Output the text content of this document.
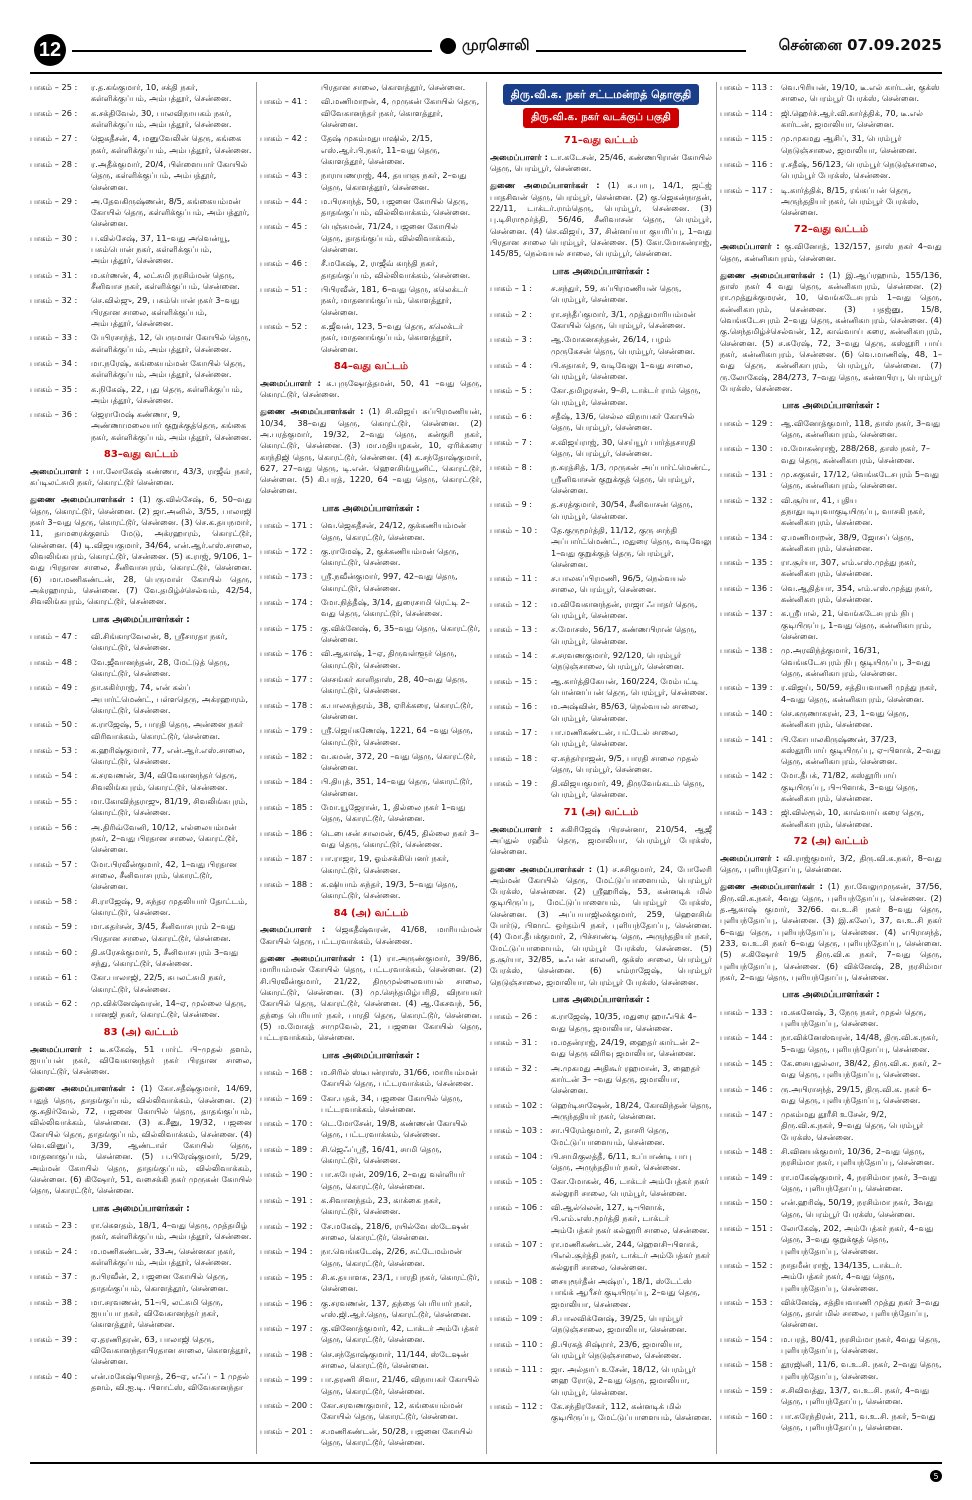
12	முரசொலி	சென்னை 07.09.2025
பாகம் – 25 :	ர.த.கங்குமார், 10, சக்தி நகர், கள்ளிக்குப்பம், அம்பத்தூர், சென்னை.
பாகம் – 26 :	க.சக்திவேல், 30, பாலவிநாயகம் நகர், கள்ளிக்குப்பம், அம்பத்தூர், சென்னை.
பாகம் – 27 :	ஜெகதீசன், 4, மனுவேலின் தெரு, கங்கை நகர், கள்ளிக்குப்பம், அம்பத்தூர், சென்னை.
பாகம் – 28 :	ர.அதீக்குமார், 20/4, பிள்ளையார் கோயில் தெரு, கள்ளிக்குப்பம், அம்பத்தூர், சென்னை.
பாகம் – 29 :	அ.தேவகிருஷ்ணன், 8/5, கங்கையம்மன் கோயில் தெரு, கள்ளிக்குப்பம், அம்பத்தூர், சென்னை.
பாகம் – 30 :	ப.வில்சேஷ், 37, 11–வது அவென்யூ, பசும்பொன் நகர், கள்ளிக்குப்பம், அம்பத்தூர், சென்னை.
பாகம் – 31 :	ம.கர்ணன், 4, லட்சுமி நரசிம்மன் தெரு, சீனிவாச நகர், கள்ளிக்குப்பம், சென்னை.
பாகம் – 32 :	செ.வில்ஜு, 29, பசும்பொன் நகர் 3–வது பிரதான சாலை, கள்ளிக்குப்பம், அம்பத்தூர், சென்னை.
பாகம் – 33 :	பேபிரசாந்த், 12, பெருமாள் கோயில் தெரு, கள்ளிக்குப்பம், அம்பத்தூர், சென்னை.
பாகம் – 34 :	மா.நரேஷ், கங்கையம்மன் கோயில் தெரு, கள்ளிக்குப்பம், அம்பத்தூர், சென்னை.
பாகம் – 35 :	க.நிகேஷ், 22, புது தெரு, கள்ளிக்குப்பம், அம்பத்தூர், சென்னை.
பாகம் – 36 :	ஜெராமேஷ் கண்ணா, 9, அண்ணாமலையார் குறுக்குத்தெரு, கங்கை நகர், கள்ளிக்குப்பம், அம்பத்தூர், சென்னை.
83–வது வட்டம்
அமைப்பாளர் : பா.லோகேஷ் கண்ணா, 43/3, ராஜீவ் நகர், கப்டிலட்சுமி நகர், கொரட்டூர் சென்னை.
துணை அமைப்பாளர்கள் : (1) கு.வில்சேஷ், 6, 50–வது தெரு, கொரட்டூர், சென்னை. (2) ஜா.அனில், 3/55, பாலாஜி நகர் 3–வது தெரு, கொரட்டூர், சென்னை. (3) செ.க.தயநமார், 11, தாமரைக்குளம் மேடு, அக்ரஹாரம், கொரட்டூர், சென்னை. (4) டி.விஜயகுமார், 34/64, என்.ஆர்.எஸ்.சாலை, லிவலிங்கபுரம், கொரட்டூர், சென்னை. (5) க.ராஜ், 9/106, 1–வது பிரதான சாலை, சீனிவாசபுரம், கொரட்டூர், சென்னை. (6) மா.மணிகண்டன், 28, பெருமாள் கோயில் தெரு, அக்ரஹாரம், சென்னை. (7) வே.தமிழ்ச்செல்வம், 42/54, சிவலிங்கபுரம், கொரட்டூர், சென்னை.
பாக அமைப்பாளர்கள் :
பாகம் – 47 :	வி.சிங்காரவேலன், 8, ஸ்ரீசாரதா நகர், கொரட்டூர், சென்னை.
பாகம் – 48 :	வே.ஜீவானந்தன், 28, மேட்டுத் தெரு, கொரட்டூர், சென்னை.
பாகம் – 49 :	தா.சுகிர்ராஜ், 74, என் கல்ப் அபார்ட்மெண்ட், பள்ளதெரு, அக்ரஹாரம், கொரட்டூர், சென்னை.
பாகம் – 50 :	க.ராஜேஷ், 5, பாரதி தெரு, அன்னை நகர் விரிவாக்கம், கொரட்டூர், சென்னை.
பாகம் – 53 :	க.ஹரிஷ்குமார், 77, என்.ஆர்.எஸ்.சாலை, கொரட்டூர், சென்னை.
பாகம் – 54 :	க.சரவணன், 3/4, விவேகானந்தர் தெரு, சிவலிங்கபுரம், கொரட்டூர், சென்னை.
பாகம் – 55 :	மா.கோவிந்தராஜு, 81/19, சிவலிங்கபுரம், கொரட்டூர், சென்னை.
பாகம் – 56 :	அ.திரிவ்வேனி, 10/12, எல்லையம்மன் நகர், 2–வது பிரதான சாலை, கொரட்டூர், சென்னை.
பாகம் – 57 :	மோ.பிரவீன்குமார், 42, 1–வது பிரதான சாலை, சீனிவாசபுரம், கொரட்டூர், சென்னை.
பாகம் – 58 :	சி.ராஜேஷ், 9, சுந்தர முதலியார் தோட்டம், கொரட்டூர், சென்னை.
பாகம் – 59 :	மா.சுதர்சன், 3/45, சீனிவாசபுரம் 2–வது பிரதான சாலை, கொரட்டூர், சென்னை.
பாகம் – 60 :	தி.சுரேசக்குமார், 5, சீனிவாசபுரம் 3–வது சந்து, கொரட்டூர், சென்னை.
பாகம் – 61 :	கோ.பாலாஜி, 22/5, சுபலட்சுமி நகர், கொரட்டூர், சென்னை.
பாகம் – 62 :	மு.விக்னேஷ்வரன், 14–ஏ, முல்லை தெரு, பானஜி நகர், கொரட்டூர், சென்னை.
83 (அ) வட்டம்
அமைப்பாளர் : டீ.சுகேஷ், 51 பார்ட் பி–முதல் தளம், ஐயப்பன் நகர், விவேகானந்தர் நகர் பிரதான சாலை, கொரட்டூர், சென்னை.
துணை அமைப்பாளர்கள் : (1) கோ.சதீஷ்குமார், 14/69, பதுத் தெரு, தாதங்குப்பம், வில்லிவாக்கம், சென்னை. (2) கு.சுதிர்வேல், 72, பஜனை கோயில் தெரு, தாதங்குப்பம், வில்லிவாக்கம், சென்னை. (3) க.சீனு, 19/32, பஜனை கோயில் தெரு, தாதங்குப்பம், வில்லிவாக்கம், சென்னை. (4) வெ.வினுப், 3/39, ஆண்டாள் கோயில் தெரு, மாதனாகுப்பம், சென்னை. (5) ப.பிரேஷ்குமார், 5/29, அம்மன் கோயில் தெரு, தாதங்குப்பம், வில்லிவாக்கம், சென்னை. (6) கிஷோர், 51, வசைக்கி நகர் முருகன் கோயில் தெரு, கொரட்டூர், சென்னை.
பாக அமைப்பாளர்கள் :
பாகம் – 23 :	ரா.கெளதம், 18/1, 4–வது தெரு, முத்தமிழ் நகர், கள்ளிக்குப்பம், அம்பத்தூர், சென்னை.
பாகம் – 24 :	ம.மணிகண்டன், 33அ, சென்னகா நகர், கள்ளிக்குப்பம், அம்பத்தூர், சென்னை.
பாகம் – 37 :	ந.பிரவீன், 2, பஜனை கோயில் தெரு, தாதங்குப்பம், கொளத்தூர், சென்னை.
பாகம் – 38 :	மா.சரவணன், 51–பி, லட்சுமி தெரு, ஐயப்பா நகர், விவேகானந்தர் நகர், கொளத்தூர், சென்னை.
பாகம் – 39 :	ஏ.தரணிதரன், 63, பாலாஜி தெரு, விவேகானந்தாபிரதான சாலை, கொளத்தூர், சென்னை.
பாகம் – 40 :	என்.மகேஷ்பிரசாத், 26–ஏ, எஃப் – 1 முதல் தளம், வி.ஐ.டி. பிளாட்ஸ், விவேகானந்தா
பிரதான சாலை, கொளத்தூர், சென்னை.
பாகம் – 41 :	வி.மணிமாறன், 4, முருகன் கோயில் தெரு, விவேகானந்தர் நகர், கொளத்தூர், சென்னை.
பாகம் – 42 :	தேஷ் முகம்மதுபாஷில், 2/15, எஸ்.ஆர்.பி.நகர், 11–வது தெரு, கொளத்தூர், சென்னை.
பாகம் – 43 :	நாராயணராஜ், 44, தயாளு நகர், 2–வது தெரு, கொளத்தூர், சென்னை.
பாகம் – 44 :	ம.பிரசாந்த், 50, பஜனை கோயில் தெரு, தாதங்குப்பம், வில்லிவாக்கம், சென்னை.
பாகம் – 45 :	பெஞ்சுமன், 71/24, பஜனை கோயில் தெரு, தாதங்குப்பம், வில்லிவாக்கம், சென்னை.
பாகம் – 46 :	சீ.மகேஷ், 2, ராஜீவ் காந்தி நகர், தாதங்குப்பம், வில்லிவாக்கம், சென்னை.
பாகம் – 51 :	பிபிரவீன், 181, 6–வது தெரு, கலெக்டர் நகர், மாதனாங்குப்பம், கொளத்தூர், சென்னை.
பாகம் – 52 :	க.ஜீவன், 123, 5–வது தெரு, கலெக்டர் நகர், மாதனாங்குப்பம், கொளத்தூர், சென்னை.
84–வது வட்டம்
அமைப்பாளர் : க.புருஷோத்தமன், 50, 41 –வது தெரு, கொரட்டூர், சென்னை.
துணை அமைப்பாளர்கள் : (1) சி.விஜய் சுப்பிரமணியன், 10/34, 38–வது தெரு, கொரட்டூர், சென்னை. (2) அ.பரத்குமார், 19/32, 2–வது தெரு, கன்குரி நகர், கொரட்டூர், சென்னை. (3) மா.மதியழகன், 10, ஏரிக்கரை காந்திஜி தெரு, கொரட்டூர், சென்னை. (4) க.சந்தோஷ்குமார், 627, 27–வது தெரு, டி.என். ஹௌசிங்யூனிட், கொரட்டூர், சென்னை. (5) கி.பரத், 1220, 64 –வது தெரு, கொரட்டூர், சென்னை.
பாக அமைப்பாளர்கள் :
பாகம் – 171 :	வெ.ஜெகதீசன், 24/12, குக்கணியம்மன் தெரு, கொரட்டூர், சென்னை.
பாகம் – 172 :	கு.ராமேஷ், 2, குக்கணியம்மன் தெரு, கொரட்டூர், சென்னை.
பாகம் – 173 :	ஸ்ரீ.நவீன்குமார், 997, 42–வது தெரு, கொரட்டூர், சென்னை.
பாகம் – 174 :	மோ.நித்தீஷ், 3/14, துரைசாமி ரெட்டி 2–வது தெரு, கொரட்டூர், சென்னை.
பாகம் – 175 :	கு.விக்னேஷ், 6, 35–வது தெரு, கொரட்டூர், சென்னை.
பாகம் – 176 :	வி.ஆகாஷ், 1–ஏ, திருவள்ளூர் தெரு, கொரட்டூர், சென்னை.
பாகம் – 177 :	செசங்கர் காளிதாஸ், 28, 40–வது தெரு, கொரட்டூர், சென்னை.
பாகம் – 178 :	க.பாலசுந்தரம், 38, ஏரிக்கரை, கொரட்டூர், சென்னை.
பாகம் – 179 :	ஸ்ரீ.ஜெய்கணேஷ், 1221, 64 –வது தெரு, கொரட்டூர், சென்னை.
பாகம் – 182 :	வ.கமன், 372, 20 –வது தெரு, கொரட்டூர், சென்னை.
பாகம் – 184 :	பி.தியுத், 351, 14–வது தெரு, கொரட்டூர், சென்னை.
பாகம் – 185 :	மோ.யூஜேரான், 1, தில்லை நகர் 1–வது தெரு, கொரட்டூர், சென்னை.
பாகம் – 186 :	டெபைசன் சாலமன், 6/45, தில்லை நகர் 3–வது தெரு, கொரட்டூர், சென்னை.
பாகம் – 187 :	பா.ராஜா, 19, ஓம்சக்கிபெனர் நகர், கொரட்டூர், சென்னை.
பாகம் – 188 :	க.ஷியாம் சுந்தர், 19/3, 5–வது தெரு, கொரட்டூர், சென்னை.
84 (அ) வட்டம்
அமைப்பாளர் : ஜெகதீஷ்வரன், 41/68, மாரியம்மன் கோயில் தெரு, பட்டரவாக்கம், சென்னை.
துணை அமைப்பாளர்கள் : (1) ரா.அருண்குமார், 39/86, மாரியம்மன் கோயில் தெரு, பட்டரவாக்கம், சென்னை. (2) சி.பிரவீன்குமார், 21/22, திருமுல்லைவாயல் சாலை, கொரட்டூர், சென்னை. (3) மு.செந்தமிழ்பரிதி, விநாயகர் கோயில் தெரு, கொரட்டூர், சென்னை. (4) ஆ.கேசவந், 56, தந்தை பெரியார் நகர், பாரதி தெரு, கொரட்டூர், சென்னை. (5) ம.மோகத் சாமுவேல், 21, பஜனை கோயில் தெரு, பட்டரவாக்கம், சென்னை.
பாக அமைப்பாளர்கள் :
பாகம் – 168 :	ம.சிரில் ஸ்டீபன்ராஸ், 31/66, மாரியம்மன் கோயில் தெரு, பட்டரவாக்கம், சென்னை.
பாகம் – 169 :	கோ.பதக், 34, பஜனை கோயில் தெரு, பட்டரவாக்கம், சென்னை.
பாகம் – 170 :	டெ.மோசேன், 19/8, கண்ணன் கோயில் தெரு, பட்டரவாக்கம், சென்னை.
பாகம் – 189 :	சி.ஜெஃப்ஸ்ரீ, 16/41, சாமி தெரு, கொரட்டூர், சென்னை.
பாகம் – 190 :	பா.சுபேரன், 209/16, 2–வது வள்ளியர் தெரு, கொரட்டூர், சென்னை.
பாகம் – 191 :	க.சிவானந்தம், 23, காக்கை நகர், கொரட்டூர், சென்னை.
பாகம் – 192 :	சே.மகேஷ், 218/6, ரயில்வே ஸ்டேஷன் சாலை, கொரட்டூர், சென்னை.
பாகம் – 194 :	நா.வெங்கடேஷ், 2/26, சுட்டேமம்மன் தெரு, கொரட்டூர், சென்னை.
பாகம் – 195 :	சி.க.தயாளசு, 23/1, பாரதி நகர், கொரட்டூர், சென்னை.
பாகம் – 196 :	கு.சரவணன், 137, தந்தை பெரியார் நகர், எஸ்.ஜி.ஆர்.தெரு, கொரட்டூர், சென்னை.
பாகம் – 197 :	கு.வினோத்குமார், 42, டாக்டர் அம்பேத்கர் தெரு, கொரட்டூர், சென்னை.
பாகம் – 198 :	செ.சந்தோஷ்குமார், 11/144, ஸ்டேஷன் சாலை, கொரட்டூர், சென்னை.
பாகம் – 199 :	பா.தரணி சிவா, 21/46, விநாயகர் கோயில் தெரு, கொரட்டூர், சென்னை.
பாகம் – 200 :	கோ.சரவணகுமார், 12, கங்கையம்மன் கோயில் தெரு, கொரட்டூர், சென்னை.
பாகம் – 201 :	ச.மணிகண்டன், 50/28, பஜனை கோயில் தெரு, கொரட்டூர், சென்னை.
திரு.வி.க. நகர் சட்டமன்றத் தொகுதி
திரு.வி.க. நகர் வடக்குப் பகுதி
71–வது வட்டம்
அமைப்பாளர் : டா.கடேசன், 25/46, கண்ணபிரான் கோயில் தெரு, பெரம்பூர், சென்னை.
துணை அமைப்பாளர்கள் : (1) சு.பாபு, 14/1, ஜட்ஜ் பாதசிவன் தெரு, பெரம்பூர், சென்னை. (2) கு.ஜெகன்நாதன், 22/11, டாக்டர்.ராம்தெரு, பெரம்பூர், சென்னை. (3) பு.டிசிராமூர்த்தி, 56/46, சீனிவாசன் தெரு, பெரம்பூர், சென்னை. (4) செ.விஜய், 37, சின்னய்யா குயரிப்பு, 1–வது பிரதான சாலை பெரம்பூர், சென்னை. (5) கோ.மோகன்ராஜ், 145/85, நெல்வயல் சாலை, பெரம்பூர், சென்னை.
பாக அமைப்பாளர்கள் :
பாகம் – 1 :	ச.சந்துர், 59, சுப்பிரமணியன் தெரு, பெரம்பூர், சென்னை.
பாகம் – 2 :	ரா.சந்தீப்குமார், 3/1, முத்துமாரியம்மன் கோயில் தெரு, பெரம்பூர், சென்னை.
பாகம் – 3 :	ஆ.மோகனசுந்தன், 26/14, பழம் முருகேசன் தெரு, பெரம்பூர், சென்னை.
பாகம் – 4 :	பி.சுதாகர், 9, வடிவேலு 1–வது சாலை, பெரம்பூர், சென்னை.
பாகம் – 5 :	கோ.தமிழரசன், 9–சி, டாக்டர் ராம் தெரு, பெரம்பூர், சென்னை.
பாகம் – 6 :	சதீஷ், 13/6, செல்ல விநாயகர் கோயில் தெரு, பெரம்பூர், சென்னை.
பாகம் – 7 :	ச.விஜய்ராஜ், 30, செய்யூர் பார்த்தசாரதி தெரு, பெரம்பூர், சென்னை.
பாகம் – 8 :	ந.கரத்சித், 1/3, முருகன் அப்பார்ட்மெண்ட், ஸ்ரீனிவாசன் குறுக்குத் தெரு, பெரம்பூர், சென்னை.
பாகம் – 9 :	த.சரத்குமார், 30/54, சீனிவாசன் தெரு, பெரம்பூர், சென்னை.
பாகம் – 10 :	தே.குருமூர்த்தி, 11/12, குரு சாந்தி அப்பார்ட்மெண்ட், மதுரை தெரு, வடிவேலு 1–வது குறுக்குத் தெரு, பெரம்பூர், சென்னை.
பாகம் – 11 :	ச.பாலசுப்பிரமணி, 96/5, நெல்வயல் சாலை, பெரம்பூர், சென்னை.
பாகம் – 12 :	ம.விவேகானந்தன், ராஜா ஃபாதர் தெரு, பெரம்பூர், சென்னை.
பாகம் – 13 :	ச.மோசஸ், 56/17, கண்ணபிரான் தெரு, பெரம்பூர், சென்னை.
பாகம் – 14 :	ச.சரவணகுமார், 92/120, பெரம்பூர் நெடுஞ்சாலை, பெரம்பூர், சென்னை.
பாகம் – 15 :	ஆ.கார்த்திகேயன், 160/224, மேம்பட்டி பொன்னப்பன் தெரு, பெரம்பூர், சென்னை.
பாகம் – 16 :	ம.அஷ்வின், 85/63, நெல்வயல் சாலை, பெரம்பூர், சென்னை.
பாகம் – 17 :	பா.மணிகண்டன், பட்டேல் சாலை, பெரம்பூர், சென்னை.
பாகம் – 18 :	ஏ.சுந்தர்ராஜன், 9/5, பாரதி சாலை முதல் தெரு, பெரம்பூர், சென்னை.
பாகம் – 19 :	தி.விஜயகுமார், 49, திருவேங்கடம் தெரு, பெரம்பூர், சென்னை.
71 (அ) வட்டம்
அமைப்பாளர் : சுகிரிஜேஷ் பிரசன்னா, 210/54, ஆஜீ அப்துல் ரஹீம் தெரு, ஜமாலியா, பெரம்பூர் பேரக்ஸ், சென்னை.
துணை அமைப்பாளர்கள் : (1) ச.சசிகுமார், 24, போலேரி அம்மன் கோயில் தெரு, மேட்டுப்பாளையம், பெரம்பூர் பேரக்ஸ், சென்னை. (2) ஸ்ரீஹரிஷ், 53, கன்னடிக் மில் குடியிருப்பு, மேட்டுப்பாளையம், பெரம்பூர் பேரக்ஸ், சென்னை. (3) அப்பயாஜிலக்குமார், 259, ஹௌசிங் போர்டு, பிளாட் ஒர்தம்பி நகர், புளியந்தோப்பு, சென்னை. (4) மோ.தீபக்குமார், 2, பிச்சாண்டி தெரு, அருந்ததியர் நகர், மேட்டுப்பாளையம், பெரம்பூர் பேரக்ஸ், சென்னை. (5) த.சூர்யா, 32/85, டீஃபன் காலனி, குக்ஸ் சாலை, பெரம்பூர் பேரக்ஸ், சென்னை. (6) எம்ராஜேஷ், பெரம்பூர் நெடுஞ்சாலை, ஜமாலியா, பெரம்பூர் பேரக்ஸ், சென்னை.
பாக அமைப்பாளர்கள் :
பாகம் – 26 :	க.ராஜேஷ், 10/35, மதுரை ஹாஃபிக் 4– வது தெரு, ஜமாலியா, சென்னை.
பாகம் – 31 :	ம.மதன்ராஜ், 24/19, ஹைதர் கார்டன் 2–வது தெரு விரிவு ஜமாலியா, சென்னை.
பாகம் – 32 :	அ.முகமது அதிகூர் ரஹமான், 3, ஹைதர் கார்டன் 3– –வது தெரு, ஜமாலியா, சென்னை.
பாகம் – 102 :	ஹெர்டிசாஷேன், 18/24, கோவிந்தன் தெரு, அருந்ததியர் நகர், சென்னை.
பாகம் – 103 :	சா.பிரேம்குமார், 2, தாசரி தெரு, மேட்டுப்பாளையம், சென்னை.
பாகம் – 104 :	பி.சாமிகுலத்தீ, 6/11, உப்பாண்டி பாபு தெரு, அருந்ததியர் நகர், சென்னை.
பாகம் – 105 :	கோ.மோகன், 46, டாக்டர் அம்பேத்கர் நகர் கல்லூரி சாலை, பெரம்பூர், சென்னை.
பாகம் – 106 :	வி.ஆல்லென், 127, டி–பிளாக், பி.எம்.எஸ்.மூர்த்தி நகர், டாக்டர் அம்பேத்கர் நகர் கல்லூரி சாலை, சென்னை.
பாகம் – 107 :	ரா.மணிகண்டன், 244, ஹௌசி–பிளாக், பிஎல்.சூர்த்தி நகர், டாக்டர் அம்பேத்கர் நகர் கல்லூரி சாலை, சென்னை.
பாகம் – 108 :	சையுரூர்தீன் அஷ்ரப், 18/1, ஸ்டேட்ஸ் பாங்க் ஆபீசர் குடியிருப்பு, 2–வது தெரு, ஜமாலியா, சென்னை.
பாகம் – 109 :	சி.பாலவிக்னேஷ், 39/25, பெரம்பூர் நெடுஞ்சாலை, ஜமாலியா, சென்னை.
பாகம் – 110 :	தி.பிரகத் சிஷ்ரார், 23/6, ஜமாலியா, பெரம்பூர் நெடுஞ்சாலை, சென்னை.
பாகம் – 111 :	ஜா. அல்தாப் உசேன், 18/12, பெரம்பூர் ஹை ரோடு, 2–வது தெரு, ஜமாலியா, பெரம்பூர், சென்னை.
பாகம் – 112 :	கே.சந்திரசேகர், 112, கன்னடிக் மில் குடியிருப்பு, மேட்டுப்பாளையம், சென்னை.
பாகம் – 113 :	வெ.பிரியன், 19/10, டீ.எல் கார்டன், குக்ஸ் சாலை, பெரம்பூர் பேரக்ஸ், சென்னை.
பாகம் – 114 :	ஜி.ஹெர்ச்.ஆர்.வி.கார்த்திக், 70, டீ.எல் கார்டன், ஜமாலியா, சென்னை.
பாகம் – 115 :	மு.முகமது ஆசிப், 31, பெரம்பூர் நெடுஞ்சாலை, ஜமாலியா, சென்னை.
பாகம் – 116 :	ர.சதீஷ், 56/123, பெரம்பூர் நெடுஞ்சாலை, பெரம்பூர் பேரக்ஸ், சென்னை.
பாகம் – 117 :	டி.கார்த்திக், 8/15, ரங்கப்பன் தெரு, அருந்ததியர் நகர், பெரம்பூர் பேரக்ஸ், சென்னை.
72–வது வட்டம்
அமைப்பாளர் : கு.வினோத், 132/157, தாஸ் நகர் 4–வது தெரு, கன்னிகாபுரம், சென்னை.
துணை அமைப்பாளர்கள் : (1) இ.ஆப்ரஹாம், 155/136, தாஸ் நகர் 4 வது தெரு, கன்னிகாபுரம், சென்னை. (2) ரா.முத்துக்குமரன், 10, வெங்கடேசபுரம் 1–வது தெரு, கன்னிகாபுரம், சென்னை. (3) பதஜ்னு, 15/8, வெங்கடேசபுரம் 2–வது தெரு, கன்னிகாபுரம், சென்னை. (4) கு.செந்தமிழ்ச்செல்வன், 12, காவ்வாய் கரை, கன்னிகாபுரம், சென்னை. (5) ச.சுரேஷ், 72, 3–வது தெரு, கஸ்தூரி பாய் நகர், கன்னிகாபுரம், சென்னை. (6) வெ.மாணிஷ், 48, 1–வது தெரு, கன்னிகாபுரம், பெரம்பூர், சென்னை. (7) ரு.லோகேஷ், 284/273, 7–வது தெரு, கன்னபிரபு, பெரம்பூர் பேரக்ஸ், சென்னை.
பாக அமைப்பாளர்கள் :
பாகம் – 129 :	ஆ.வினோத்குமார், 118, தாஸ் நகர், 3–வது தெரு, கன்னிகாபுரம், சென்னை.
பாகம் – 130 :	ம.மோகன்ராஜ், 288/268, தாஸ் நகர், 7–வது தெரு, கன்னிகாபுரம், சென்னை.
பாகம் – 131 :	மு.சுகுகள், 17/12, வெங்கடேசபுரம் 5–வது தெரு, கன்னிகாபுரம், சென்னை.
பாகம் – 132 :	வி.சூர்யா, 41, புதிய தநாதுபடியுவாகுடியிருப்பு, வாசகி நகர், கன்னிகாபுரம், சென்னை.
பாகம் – 134 :	ஏ.மணிமாறன், 38/9, ஜோசப் தெரு, கன்னிகாபுரம், சென்னை.
பாகம் – 135 :	ரா.சூர்யா, 307, எம்.எஸ்.முத்து நகர், கன்னிகாபுரம், சென்னை.
பாகம் – 136 :	வெ.ஆதித்யா, 354, எம்.எஸ்.முத்து நகர், கன்னிகாபுரம், சென்னை.
பாகம் – 137 :	க.ஸ்ரீபால், 21, வெங்கடேசபுரம் நிபு குடியிருப்பு, 1–வது தெரு, கன்னிகாபுரம், சென்னை.
பாகம் – 138 :	மு.அரவிந்த்குமார், 16/31, வெங்கடேசபுரம் நிபு குடியிருப்பு, 3–வது தெரு, கன்னிகாபுரம், சென்னை.
பாகம் – 139 :	ர.விஜய், 50/59, சத்தியவாணி முத்து நகர், 4–வது தெரு, கன்னிகாபுரம், சென்னை.
பாகம் – 140 :	செ.கருணாகரன், 23, 1–வது தெரு, கன்னிகாபுரம், சென்னை.
பாகம் – 141 :	பி.கோபாலகிருஷ்ணன், 37/23, கஸ்தூரிபாய் குடியிருப்பு, ஏ–பிளாக், 2–வது தெரு, கன்னிகாபுரம், சென்னை.
பாகம் – 142 :	மோ.தீபக், 71/82, கஸ்தூரிபாய் குடியிருப்பு, பி–பிளாக், 3–வது தெரு, கன்னிகாபுரம், சென்னை.
பாகம் – 143 :	ஜி.வில்ரூல், 10, காவ்வாய் கரை தெரு, கன்னிகாபுரம், சென்னை.
72 (அ) வட்டம்
அமைப்பாளர் : வி.ராஜ்குமார், 3/2, திரு.வி.க.நகர், 8–வது தெரு, புளியந்தோப்பு, சென்னை.
துணை அமைப்பாளர்கள் : (1) நா.வேலுமுருகன், 37/56, திரு.வி.க.நகர், 4வது தெரு, புளியந்தோப்பு, சென்னை. (2) த.ஆகாஷ் குமார், 32/66. வ.உ.சி நகர் 8–வது தெரு, புளியந்தோப்பு, சென்னை. (3) இ.கலேப், 37, வ.உ.சி நகர் 6–வது தெரு, புளியந்தோப்பு, சென்னை. (4) எபிராசந்த், 233, வ.உ.சி நகர் 6–வது தெரு, புளியந்தோப்பு, சென்னை. (5) ச.கிஷோர் 19/5 திரு.வி.க நகர், 7–வது தெரு, புளியந்தோப்பு, சென்னை. (6) விக்னேஷ், 28, நரசிம்மா நகர், 2–வது தெரு, புளியந்தோப்பு, சென்னை.
பாக அமைப்பாளர்கள் :
பாகம் – 133 :	ம.சுகனேஷ், 3, நேரு நகர், முதல் தெரு, புளியந்தோப்பு, சென்னை.
பாகம் – 144 :	நா.விக்னேஸ்வரன், 14/48, திரு.வி.க.நகர், 5–வது தெரு, புளியந்தோப்பு, சென்னை.
பாகம் – 145 :	கே.சையதுல்லா, 38/42, திரு.வி.க. நகர், 2–வது தெரு, புளியந்தோப்பு, சென்னை.
பாகம் – 146 :	ரு.அபிராசந்த், 29/15, திரு.வி.க. நகர் 6–வது தெரு, புளியந்தோப்பு, சென்னை.
பாகம் – 147 :	முகம்மது தூரீசி உசேன், 9/2, திரு.வி.க.நகர், 9–வது தெரு, பெரம்பூர் பேரக்ஸ், சென்னை.
பாகம் – 148 :	சி.வினயக்குமார், 10/36, 2–வது தெரு, நரசிம்மா நகர், புளியந்தோப்பு, சென்னை.
பாகம் – 149 :	ரா.மகேஷ்குமார், 4, நரசிம்மா நகர், 3–வது தெரு, புளியந்தோப்பு, சென்னை.
பாகம் – 150 :	என்.ஹரிஷ், 50/19, நரசிம்மா நகர், 3வது தெரு, பெரம்பூர் பேரக்ஸ், சென்னை.
பாகம் – 151 :	லோகேஷ், 202, அம்பேத்கர் நகர், 4–வது தெரு, 3–வது குறுக்குத் தெரு, புளியந்தோப்பு, சென்னை.
பாகம் – 152 :	நாதமீன் ராஜ், 134/135, டாக்டர். அம்பேத்கர் நகர், 4–வது தெரு, புளியந்தோப்பு, சென்னை.
பாகம் – 153 :	விக்னேஷ், சத்தியவாணி முத்து நகர் 3–வது தெரு, தாள் மில் சாலை, புளியந்தோப்பு, சென்னை.
பாகம் – 154 :	ம.பரத், 80/41, நரசிம்மா நகர், 4வது தெரு, புளியந்தோப்பு, சென்னை.
பாகம் – 158 :	தூரஜினி, 11/6, வ.உ.சி. நகர், 2–வது தெரு, புளியந்தோப்பு, சென்னை.
பாகம் – 159 :	ச.சிவிவத்து, 13/7, வ.உ.சி. நகர், 4–வது தெரு, புளியந்தோப்பு, சென்னை.
பாகம் – 160 :	பா.சுரேந்திரன், 211, வ.உ.சி. நகர், 5–வது தெரு, புளியந்தோப்பு, சென்னை.
5
